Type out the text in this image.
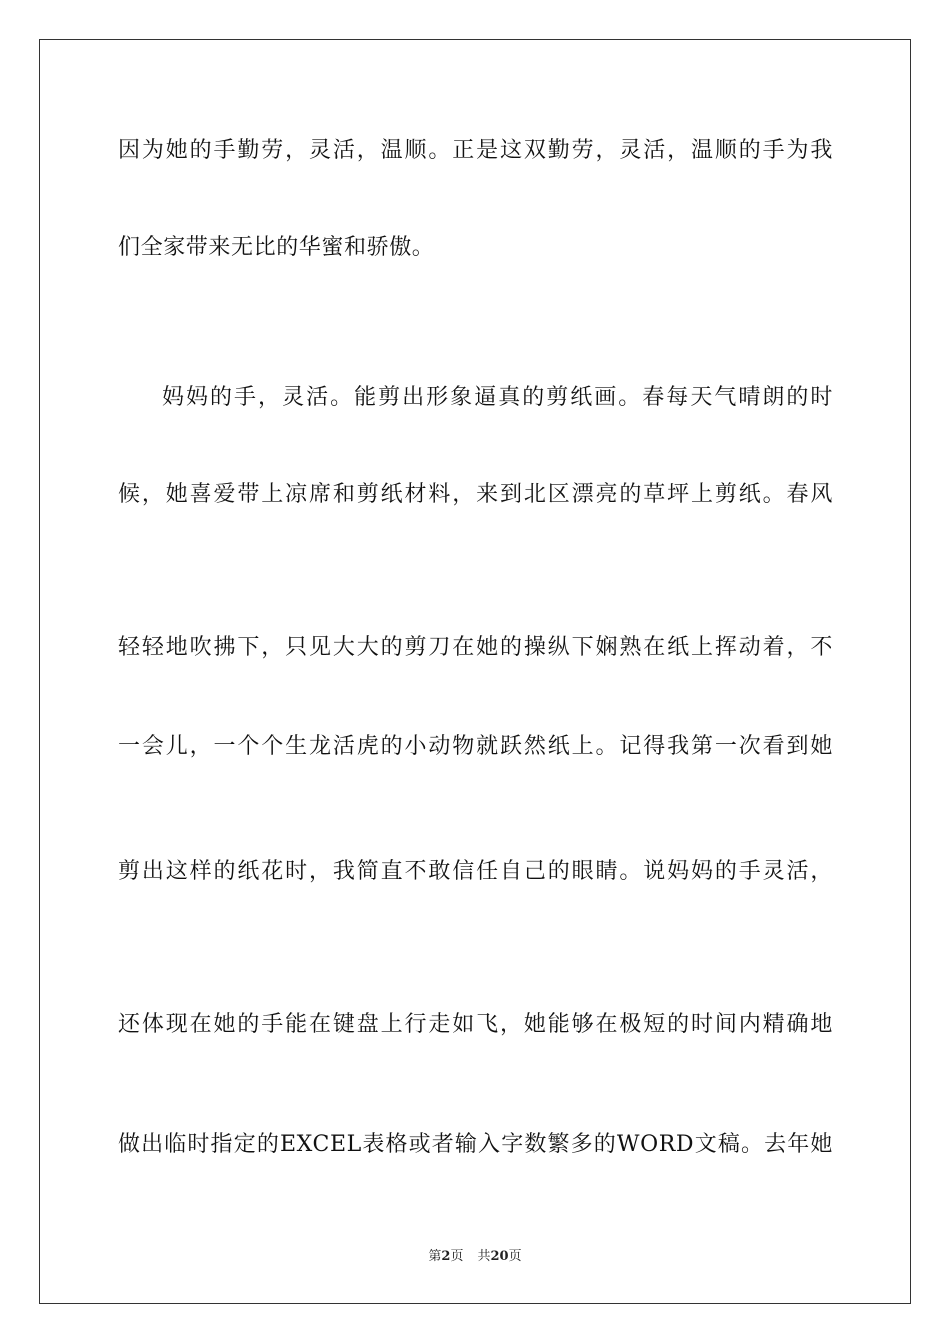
因为她的手勤劳，灵活，温顺。正是这双勤劳，灵活，温顺的手为我
们全家带来无比的华蜜和骄傲。
妈妈的手，灵活。能剪出形象逼真的剪纸画。春每天气晴朗的时
候，她喜爱带上凉席和剪纸材料，来到北区漂亮的草坪上剪纸。春风
轻轻地吹拂下，只见大大的剪刀在她的操纵下娴熟在纸上挥动着，不
一会儿，一个个生龙活虎的小动物就跃然纸上。记得我第一次看到她
剪出这样的纸花时，我简直不敢信任自己的眼睛。说妈妈的手灵活，
还体现在她的手能在键盘上行走如飞，她能够在极短的时间内精确地
做出临时指定的EXCEL表格或者输入字数繁多的WORD文稿。去年她
第2页 共20页
